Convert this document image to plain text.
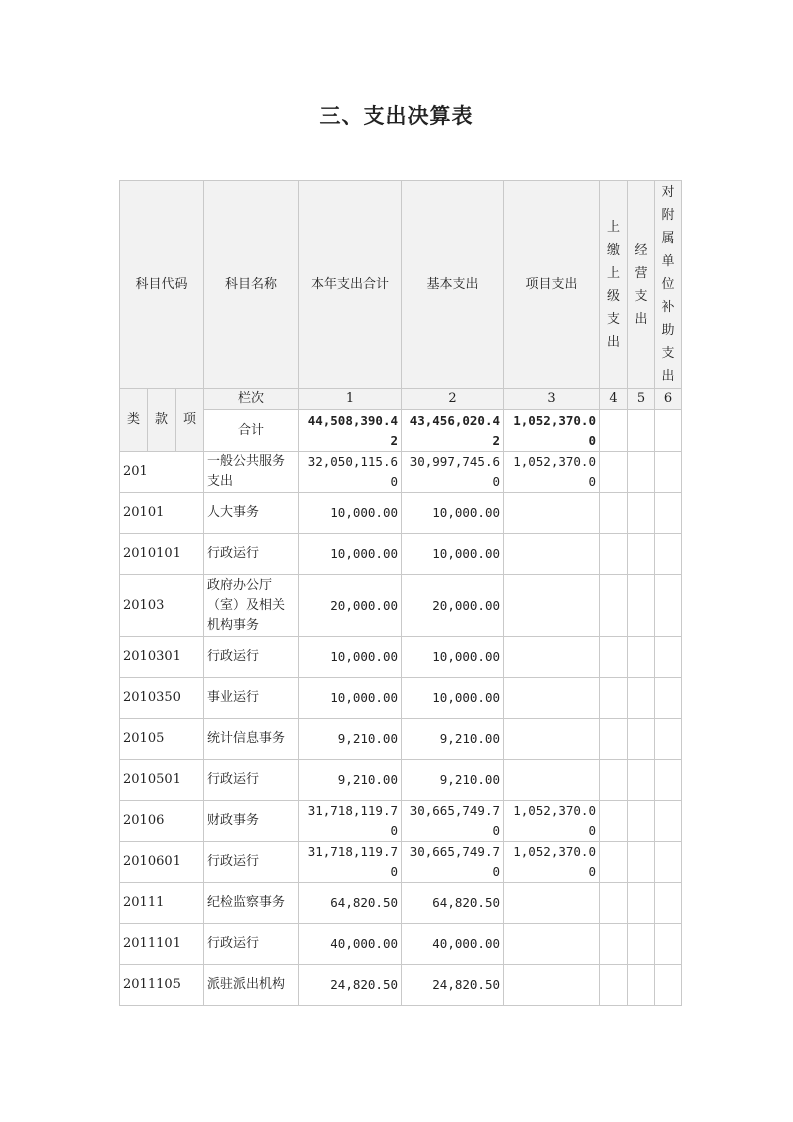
三、支出决算表
科目代码			科目名称	本年支出合计	基本支出	项目支出	上缴上级支出	经营支出	对附属单位补助支出

类	款	项	栏次	1	2	3	4	5	6
			合计	44,508,390.42	43,456,020.42	1,052,370.00			
201			一般公共服务支出	32,050,115.60	30,997,745.60	1,052,370.00			
20101			人大事务	10,000.00	10,000.00				
2010101			行政运行	10,000.00	10,000.00				
20103			政府办公厅（室）及相关机构事务	20,000.00	20,000.00				
2010301			行政运行	10,000.00	10,000.00				
2010350			事业运行	10,000.00	10,000.00				
20105			统计信息事务	9,210.00	9,210.00				
2010501			行政运行	9,210.00	9,210.00				
20106			财政事务	31,718,119.70	30,665,749.70	1,052,370.00			
2010601			行政运行	31,718,119.70	30,665,749.70	1,052,370.00			
20111			纪检监察事务	64,820.50	64,820.50				
2011101			行政运行	40,000.00	40,000.00				
2011105			派驻派出机构	24,820.50	24,820.50				
